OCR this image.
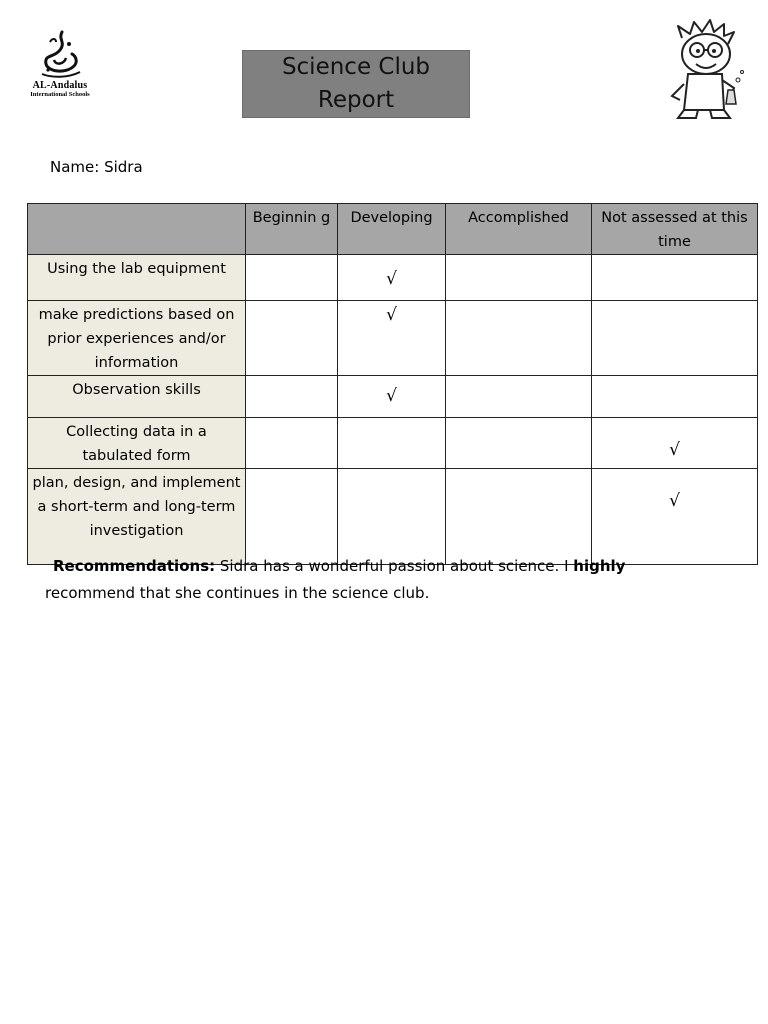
AL-Andalus
International Schools
Science Club
Report
Name: Sidra
	Beginnin g	Developing	Accomplished	Not assessed at this time
Using the lab equipment		√		

make predictions based on prior experiences and/or information		√		

Observation skills		√		

Collecting data in a tabulated form				√

plan, design, and implement a short-term and long-term investigation				√
Recommendations: Sidra has a wonderful passion about science. I highly
recommend that she continues in the science club.
